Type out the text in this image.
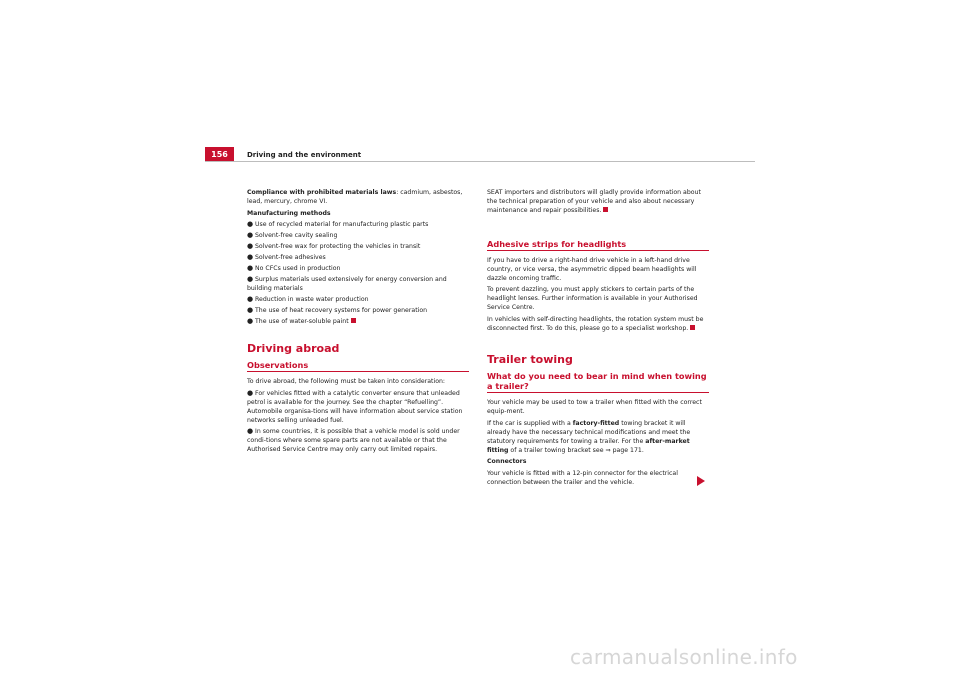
156	Driving and the environment

Compliance with prohibited materials laws: cadmium, asbestos, lead, mercury, chrome VI.

Manufacturing methods

● Use of recycled material for manufacturing plastic parts
● Solvent-free cavity sealing
● Solvent-free wax for protecting the vehicles in transit
● Solvent-free adhesives
● No CFCs used in production
● Surplus materials used extensively for energy conversion and building materials
● Reduction in waste water production
● The use of heat recovery systems for power generation
● The use of water-soluble paint
Driving abroad
Observations

To drive abroad, the following must be taken into consideration:

● For vehicles fitted with a catalytic converter ensure that unleaded petrol is available for the journey. See the chapter “Refuelling”. Automobile organisa-tions will have information about service station networks selling unleaded fuel.
● In some countries, it is possible that a vehicle model is sold under condi-tions where some spare parts are not available or that the Authorised Service Centre may only carry out limited repairs.

SEAT importers and distributors will gladly provide information about the technical preparation of your vehicle and also about necessary maintenance and repair possibilities.

Adhesive strips for headlights

If you have to drive a right-hand drive vehicle in a left-hand drive country, or vice versa, the asymmetric dipped beam headlights will dazzle oncoming traffic.

To prevent dazzling, you must apply stickers to certain parts of the headlight lenses. Further information is available in your Authorised Service Centre.

In vehicles with self-directing headlights, the rotation system must be disconnected first. To do this, please go to a specialist workshop.

Trailer towing
What do you need to bear in mind when towing a trailer?

Your vehicle may be used to tow a trailer when fitted with the correct equip-ment.

If the car is supplied with a factory-fitted towing bracket it will already have the necessary technical modifications and meet the statutory requirements for towing a trailer. For the after-market fitting of a trailer towing bracket see ⇒ page 171.

Connectors

Your vehicle is fitted with a 12-pin connector for the electrical connection between the trailer and the vehicle.

carmanualsonline.info
